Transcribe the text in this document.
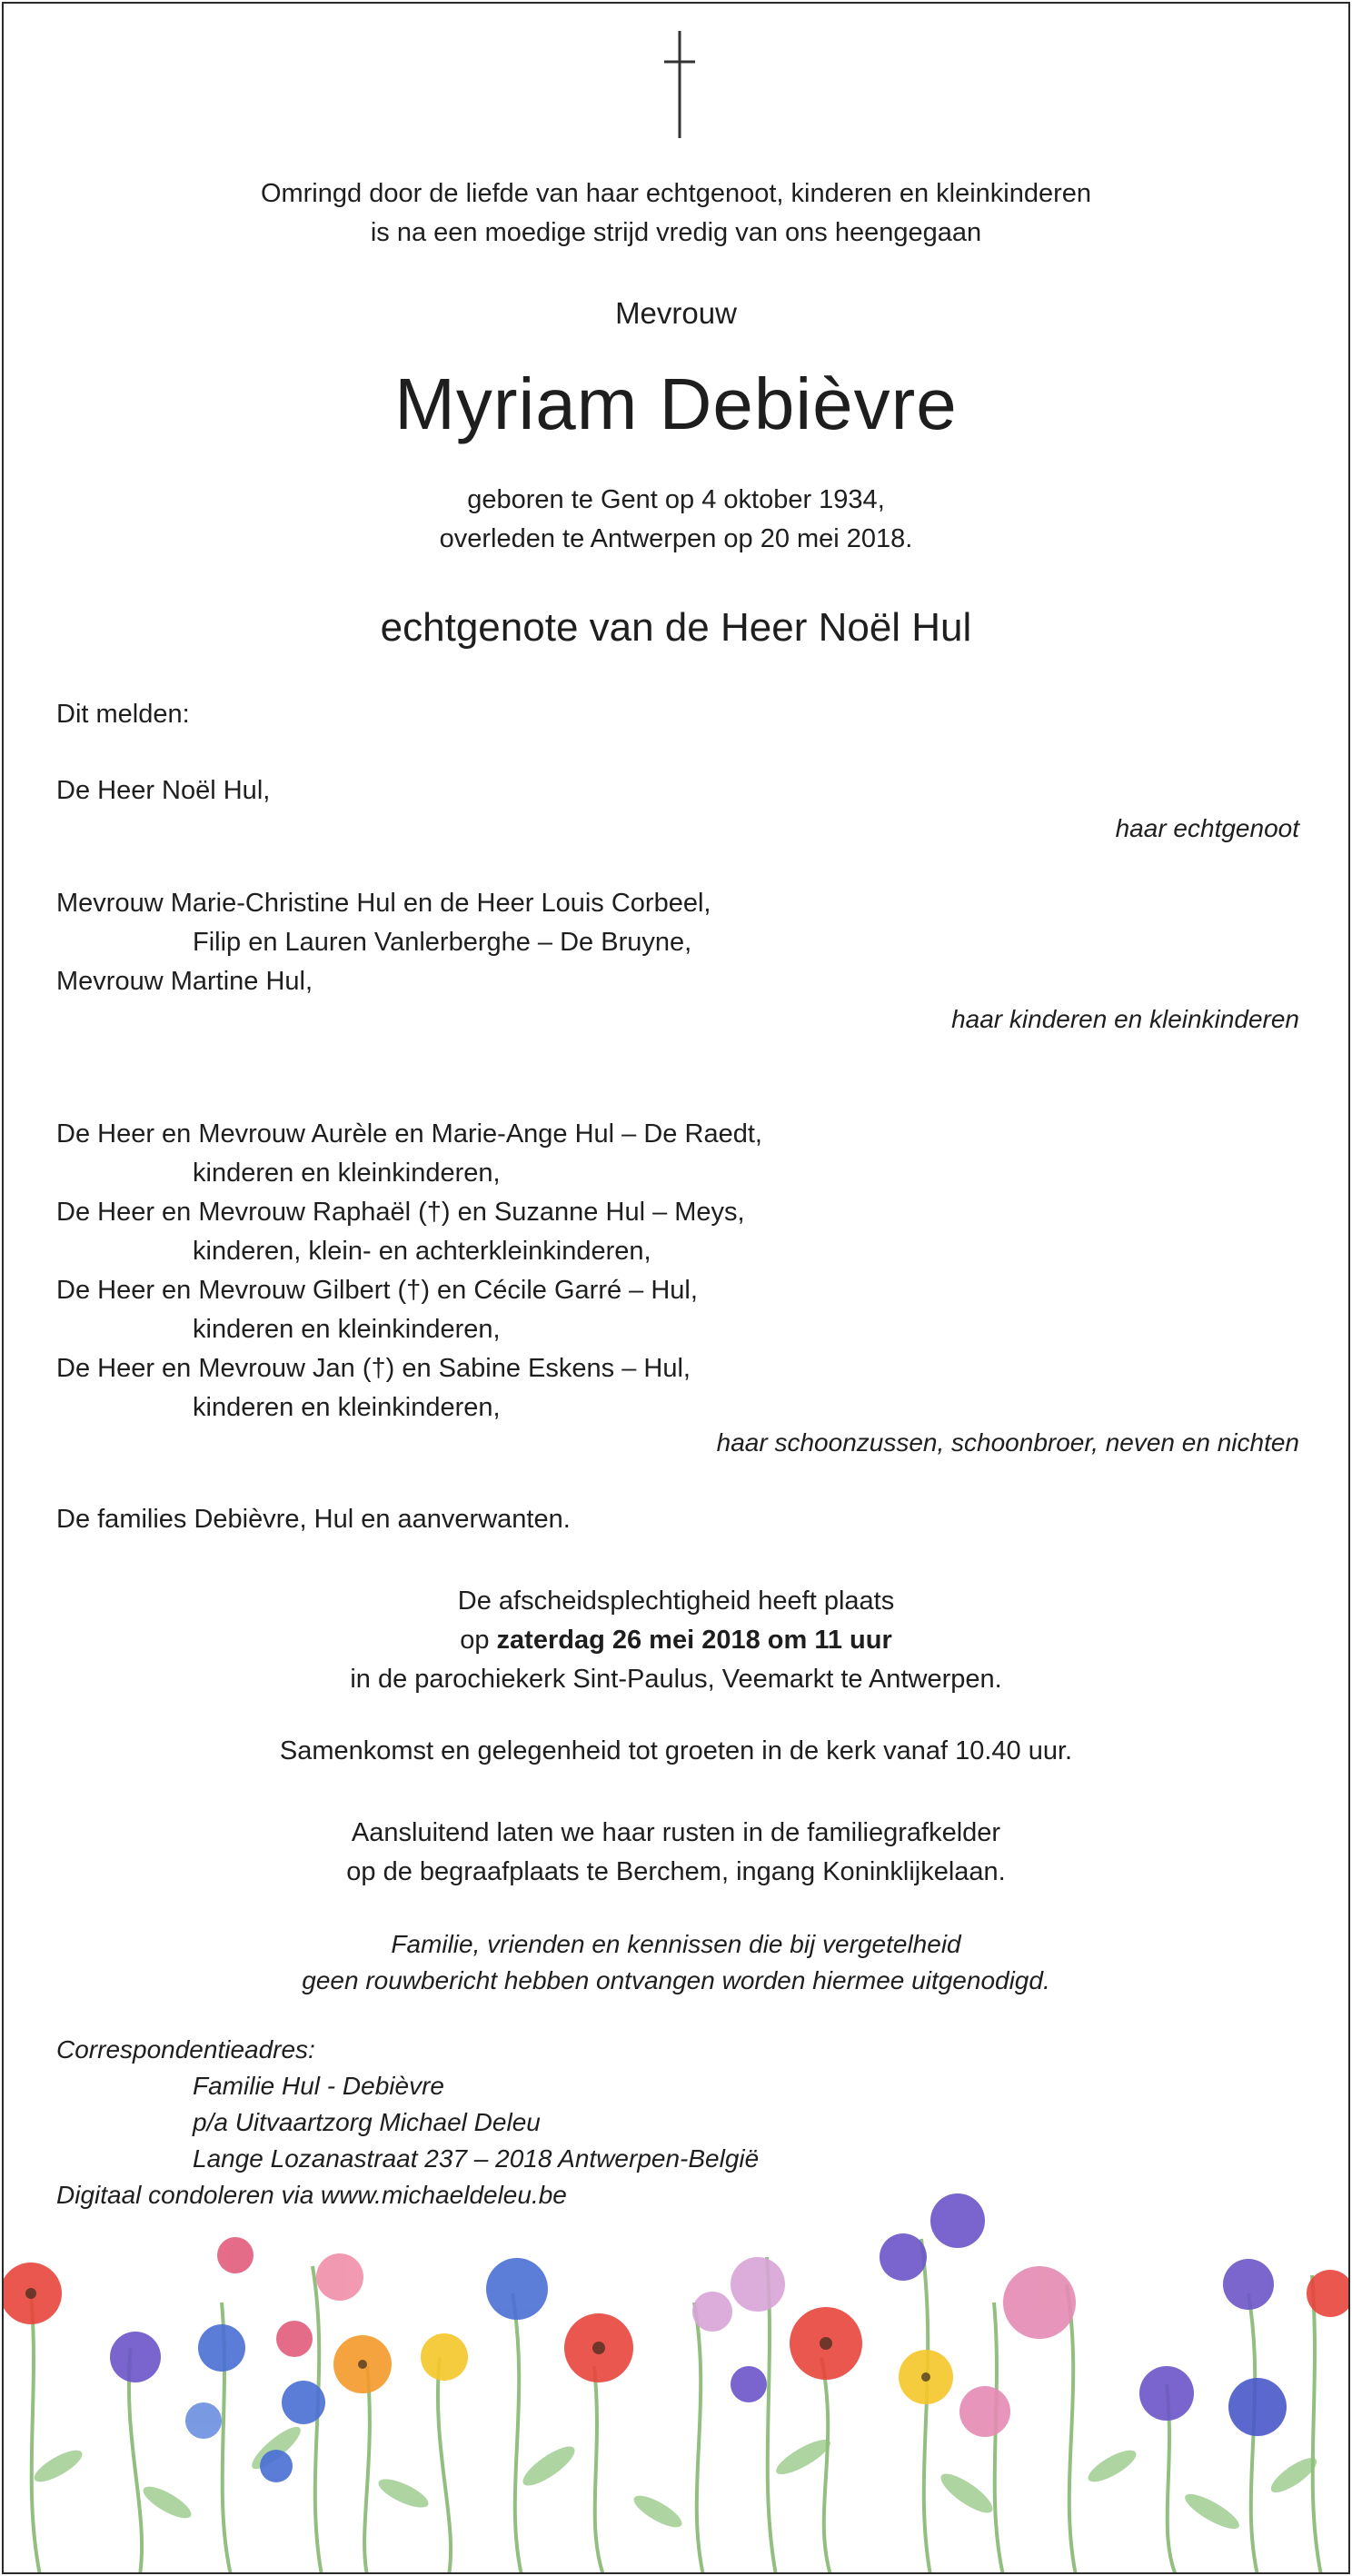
Omringd door de liefde van haar echtgenoot, kinderen en kleinkinderen
is na een moedige strijd vredig van ons heengegaan
Mevrouw
Myriam Debièvre
geboren te Gent op 4 oktober 1934,
overleden te Antwerpen op 20 mei 2018.
echtgenote van de Heer Noël Hul
Dit melden:
De Heer Noël Hul,
haar echtgenoot
Mevrouw Marie-Christine Hul en de Heer Louis Corbeel,
Filip en Lauren Vanlerberghe – De Bruyne,
Mevrouw Martine Hul,
haar kinderen en kleinkinderen
De Heer en Mevrouw Aurèle en Marie-Ange Hul – De Raedt,
kinderen en kleinkinderen,
De Heer en Mevrouw Raphaël (†) en Suzanne Hul – Meys,
kinderen, klein- en achterkleinkinderen,
De Heer en Mevrouw Gilbert (†) en Cécile Garré – Hul,
kinderen en kleinkinderen,
De Heer en Mevrouw Jan (†) en Sabine Eskens – Hul,
kinderen en kleinkinderen,
haar schoonzussen, schoonbroer, neven en nichten
De families Debièvre, Hul en aanverwanten.
De afscheidsplechtigheid heeft plaats
op zaterdag 26 mei 2018 om 11 uur
in de parochiekerk Sint-Paulus, Veemarkt te Antwerpen.
Samenkomst en gelegenheid tot groeten in de kerk vanaf 10.40 uur.
Aansluitend laten we haar rusten in de familiegrafkelder
op de begraafplaats te Berchem, ingang Koninklijkelaan.
Familie, vrienden en kennissen die bij vergetelheid
geen rouwbericht hebben ontvangen worden hiermee uitgenodigd.
Correspondentieadres:
Familie Hul - Debièvre
p/a Uitvaartzorg Michael Deleu
Lange Lozanastraat 237 – 2018 Antwerpen-België
Digitaal condoleren via www.michaeldeleu.be
